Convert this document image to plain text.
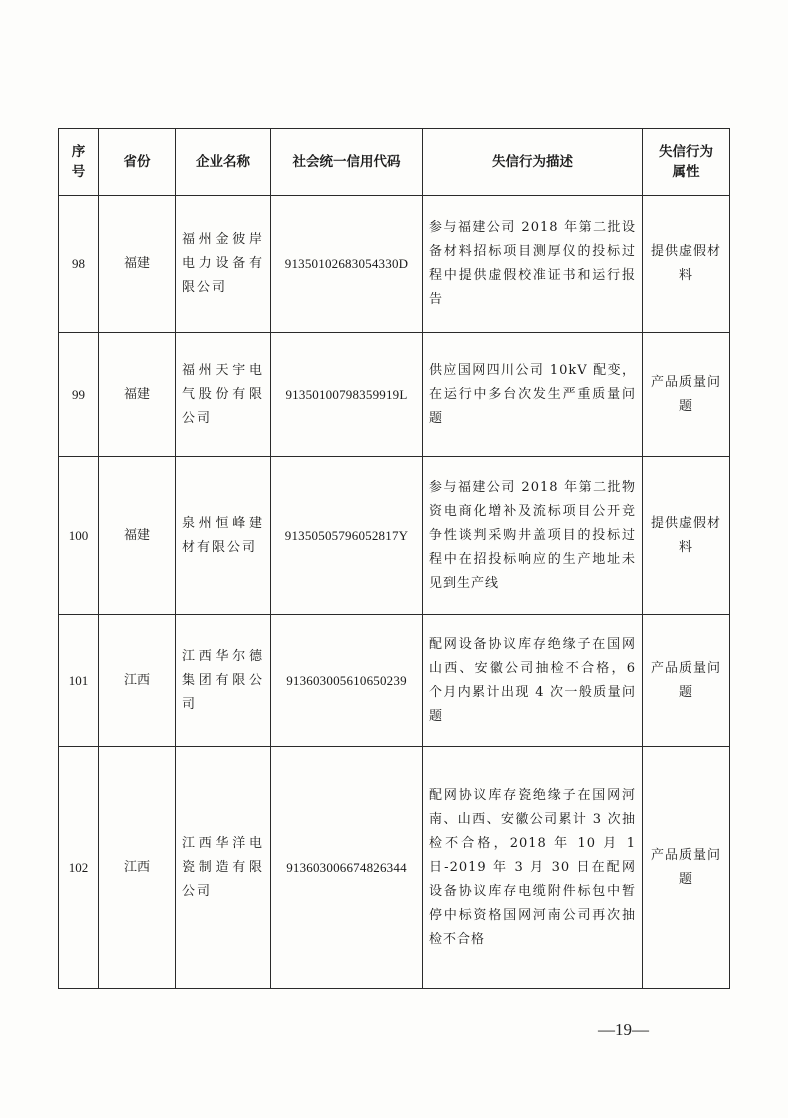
序号	省份	企业名称	社会统一信用代码	失信行为描述	失信行为属性
98	福建	福州金彼岸电力设备有限公司	91350102683054330D	参与福建公司 2018 年第二批设备材料招标项目测厚仪的投标过程中提供虚假校准证书和运行报告	提供虚假材料
99	福建	福州天宇电气股份有限公司	91350100798359919L	供应国网四川公司 10kV 配变，在运行中多台次发生严重质量问题	产品质量问题
100	福建	泉州恒峰建材有限公司	91350505796052817Y	参与福建公司 2018 年第二批物资电商化增补及流标项目公开竞争性谈判采购井盖项目的投标过程中在招投标响应的生产地址未见到生产线	提供虚假材料
101	江西	江西华尔德集团有限公司	913603005610650239	配网设备协议库存绝缘子在国网山西、安徽公司抽检不合格，6 个月内累计出现 4 次一般质量问题	产品质量问题
102	江西	江西华洋电瓷制造有限公司	913603006674826344	配网协议库存瓷绝缘子在国网河南、山西、安徽公司累计 3 次抽检不合格，2018 年 10 月 1 日-2019 年 3 月 30 日在配网设备协议库存电缆附件标包中暂停中标资格国网河南公司再次抽检不合格	产品质量问题
—19—
